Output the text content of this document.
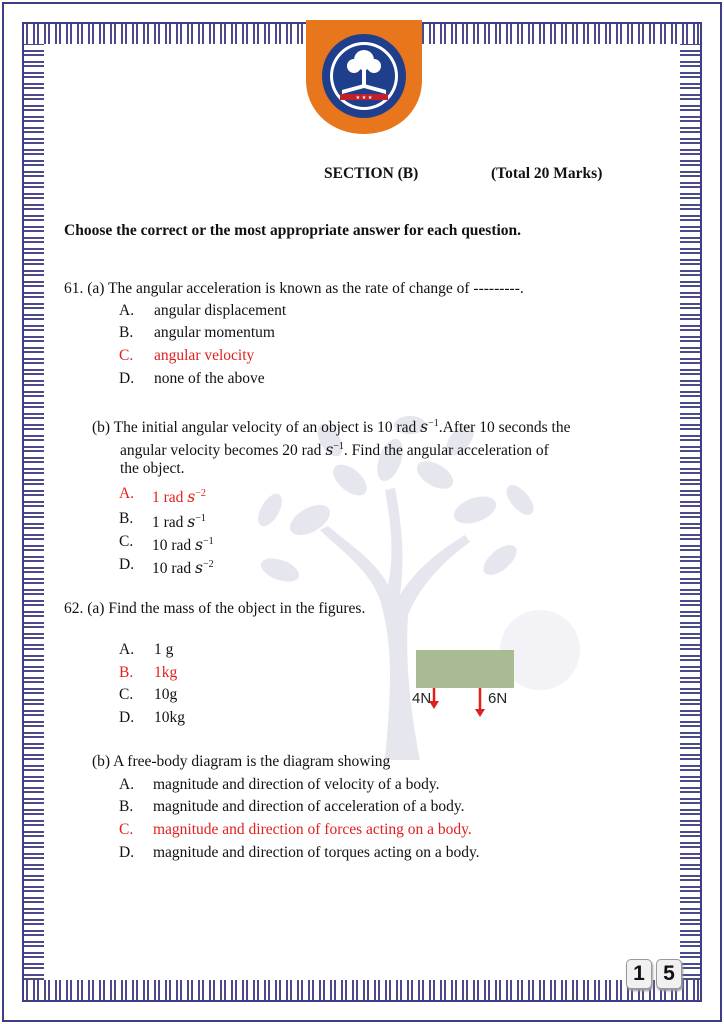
★ ★ ★
SECTION (B)	(Total 20 Marks)
Choose the correct or the most appropriate answer for each question.
61. (a) The angular acceleration is known as the rate of change of ---------.
A. angular displacement
B. angular momentum
C. angular velocity
D. none of the above
(b) The initial angular velocity of an object is 10 rad $s^{-1}.After$ 10 seconds the
angular velocity becomes 20 rad $s^{-1}$. Find the angular acceleration of
the object.
A. 1 rad $s^{-2}$
B. 1 rad $s^{-1}$
C. 10 rad $s^{-1}$
D. 10 rad $s^{-2}$
62. (a) Find the mass of the object in the figures.
A. 1 g
B. 1kg
C. 10g
D. 10kg
4N	6N
(b) A free-body diagram is the diagram showing
A. magnitude and direction of velocity of a body.
B. magnitude and direction of acceleration of a body.
C. magnitude and direction of forces acting on a body.
D. magnitude and direction of torques acting on a body.
1 5
